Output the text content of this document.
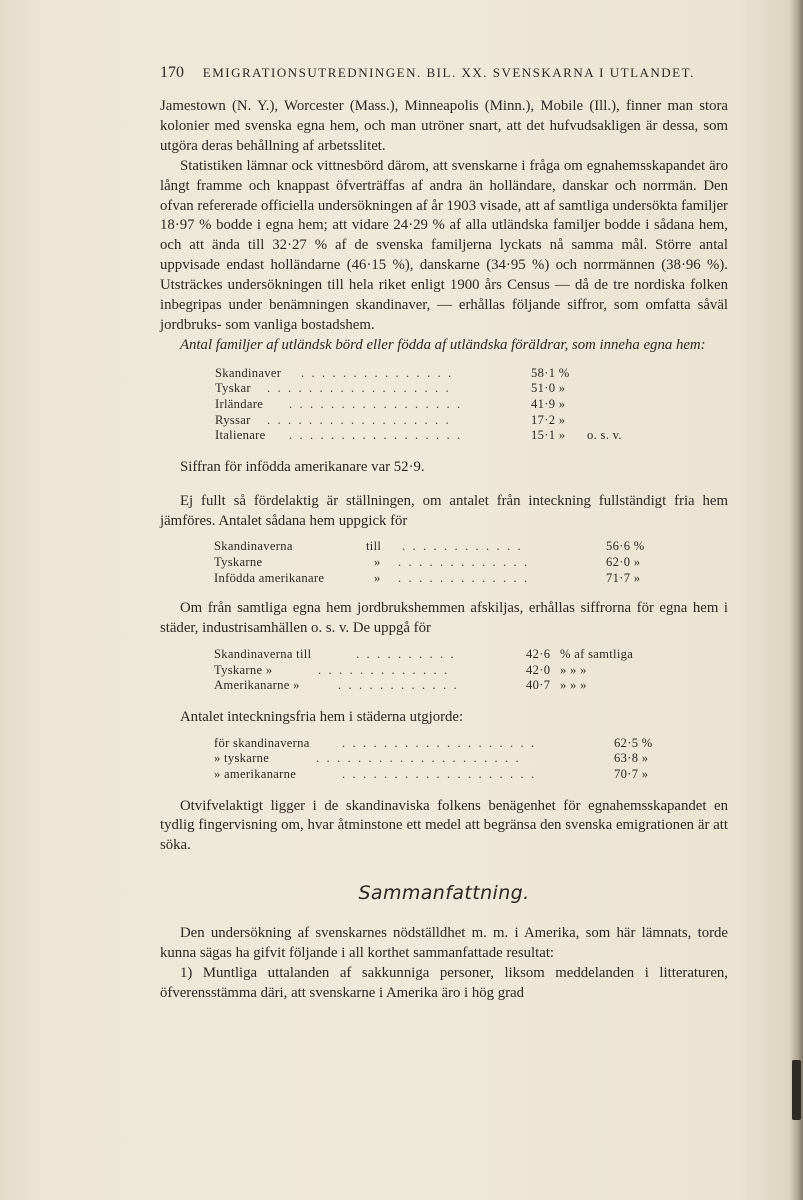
170 EMIGRATIONSUTREDNINGEN. BIL. XX. SVENSKARNA I UTLANDET.

Jamestown (N. Y.), Worcester (Mass.), Minneapolis (Minn.), Mobile (Ill.), finner man stora kolonier med svenska egna hem, och man utröner snart, att det hufvudsakligen är dessa, som utgöra deras behållning af arbetsslitet.

Statistiken lämnar ock vittnesbörd därom, att svenskarne i fråga om egnahemsskapandet äro långt framme och knappast öfverträffas af andra än holländare, danskar och norrmän. Den ofvan refererade officiella undersökningen af år 1903 visade, att af samtliga undersökta familjer 18·97 % bodde i egna hem; att vidare 24·29 % af alla utländska familjer bodde i sådana hem, och att ända till 32·27 % af de svenska familjerna lyckats nå samma mål. Större antal uppvisade endast holländarne (46·15 %), danskarne (34·95 %) och norrmännen (38·96 %). Utsträckes undersökningen till hela riket enligt 1900 års Census — då de tre nordiska folken inbegripas under benämningen skandinaver, — erhållas följande siffror, som omfatta såväl jordbruks- som vanliga bostadshem.

Antal familjer af utländsk börd eller födda af utländska föräldrar, som inneha egna hem:

Skandinaver . . . . . . . . . . . . . . .	58·1 %
Tyskar . . . . . . . . . . . . . . . . . .	51·0 »
Irländare . . . . . . . . . . . . . . . . .	41·9 »
Ryssar . . . . . . . . . . . . . . . . . .	17·2 »
Italienare . . . . . . . . . . . . . . . . .	15·1 » o. s. v.

Siffran för infödda amerikanare var 52·9.

Ej fullt så fördelaktig är ställningen, om antalet från inteckning fullständigt fria hem jämföres. Antalet sådana hem uppgick för

Skandinaverna	till . . . . . . . . . . . .	56·6 %
Tyskarne	» . . . . . . . . . . . . .	62·0 »
Infödda amerikanare	» . . . . . . . . . . . . .	71·7 »

Om från samtliga egna hem jordbrukshemmen afskiljas, erhållas siffrorna för egna hem i städer, industrisamhällen o. s. v. De uppgå för

Skandinaverna till	. . . . . . . . . .	42·6 % af samtliga
Tyskarne »	. . . . . . . . . . . . .	42·0 » » »
Amerikanarne »	. . . . . . . . . . . .	40·7 » » »

Antalet inteckningsfria hem i städerna utgjorde:

för skandinaverna	. . . . . . . . . . . . . . . . . . .	62·5 %
» tyskarne	. . . . . . . . . . . . . . . . . . . .	63·8 »
» amerikanarne	. . . . . . . . . . . . . . . . . . .	70·7 »

Otvifvelaktigt ligger i de skandinaviska folkens benägenhet för egnahemsskapandet en tydlig fingervisning om, hvar åtminstone ett medel att begränsa den svenska emigrationen är att söka.

Sammanfattning.

Den undersökning af svenskarnes nödställdhet m. m. i Amerika, som här lämnats, torde kunna sägas ha gifvit följande i all korthet sammanfattade resultat:

1) Muntliga uttalanden af sakkunniga personer, liksom meddelanden i litteraturen, öfverensstämma däri, att svenskarne i Amerika äro i hög grad
